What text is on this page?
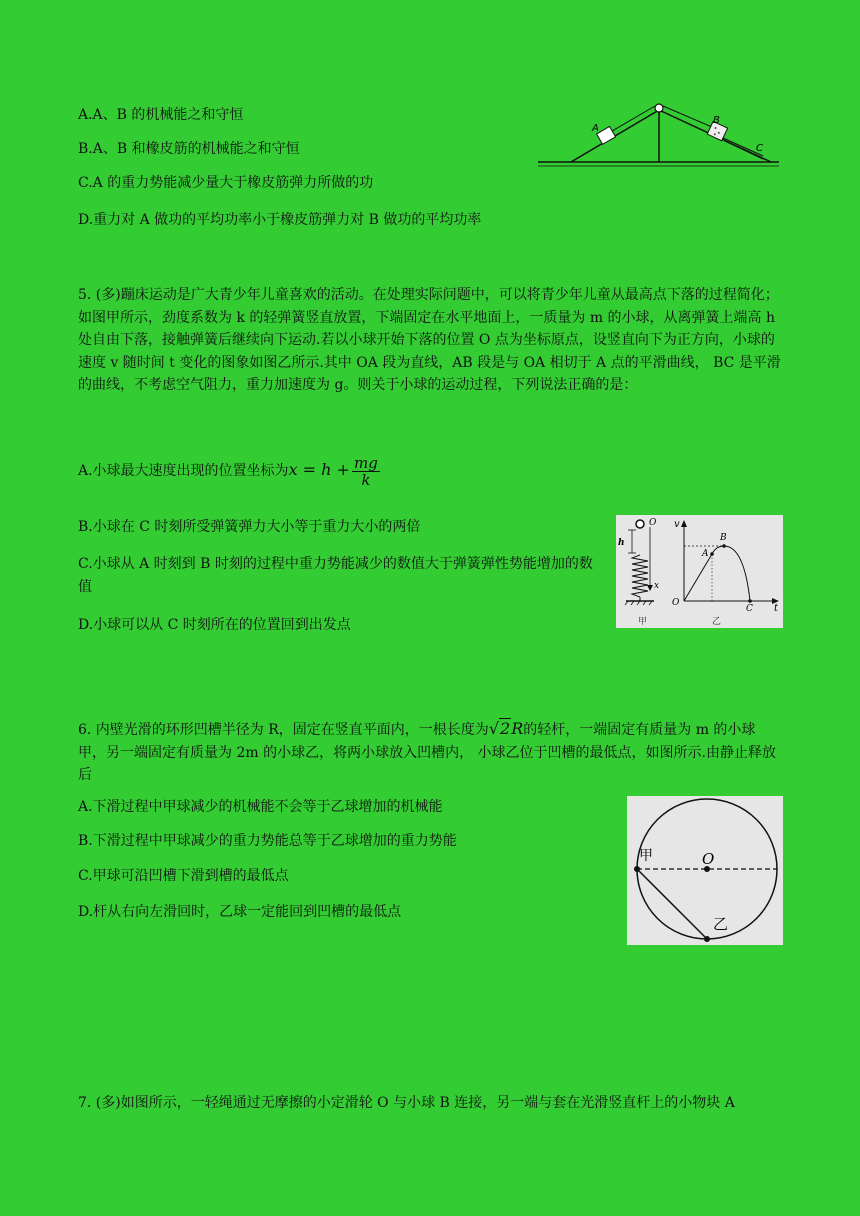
A.A、B 的机械能之和守恒
B.A、B 和橡皮筋的机械能之和守恒
C.A 的重力势能减少量大于橡皮筋弹力所做的功
D.重力对 A 做功的平均功率小于橡皮筋弹力对 B 做功的平均功率
A
B
C
5. (多)蹦床运动是广大青少年儿童喜欢的活动。在处理实际问题中，可以将青少年儿童从最高点下落的过程简化；如图甲所示，劲度系数为 k 的轻弹簧竖直放置，下端固定在水平地面上，一质量为 m 的小球，从离弹簧上端高 h 处自由下落，接触弹簧后继续向下运动.若以小球开始下落的位置 O 点为坐标原点，设竖直向下为正方向，小球的速度 v 随时间 t 变化的图象如图乙所示.其中 OA 段为直线，AB 段是与 OA 相切于 A 点的平滑曲线， BC 是平滑的曲线，不考虑空气阻力，重力加速度为 g。则关于小球的运动过程，下列说法正确的是：
A.小球最大速度出现的位置坐标为$x = h + \frac{mg}{k}$
B.小球在 C 时刻所受弹簧弹力大小等于重力大小的两倍
C.小球从 A 时刻到 B 时刻的过程中重力势能减少的数值大于弹簧弹性势能增加的数值
D.小球可以从 C 时刻所在的位置回到出发点
h
O
x
v
t
O
A
B
C
甲	乙
6. 内壁光滑的环形凹槽半径为 R，固定在竖直平面内，一根长度为√2R的轻杆，一端固定有质量为 m 的小球甲，另一端固定有质量为 2m 的小球乙，将两小球放入凹槽内， 小球乙位于凹槽的最低点，如图所示.由静止释放后
A.下滑过程中甲球减少的机械能不会等于乙球增加的机械能
B.下滑过程中甲球减少的重力势能总等于乙球增加的重力势能
C.甲球可沿凹槽下滑到槽的最低点
D.杆从右向左滑回时，乙球一定能回到凹槽的最低点
甲	O
乙
7. (多)如图所示，一轻绳通过无摩擦的小定滑轮 O 与小球 B 连接，另一端与套在光滑竖直杆上的小物块 A
